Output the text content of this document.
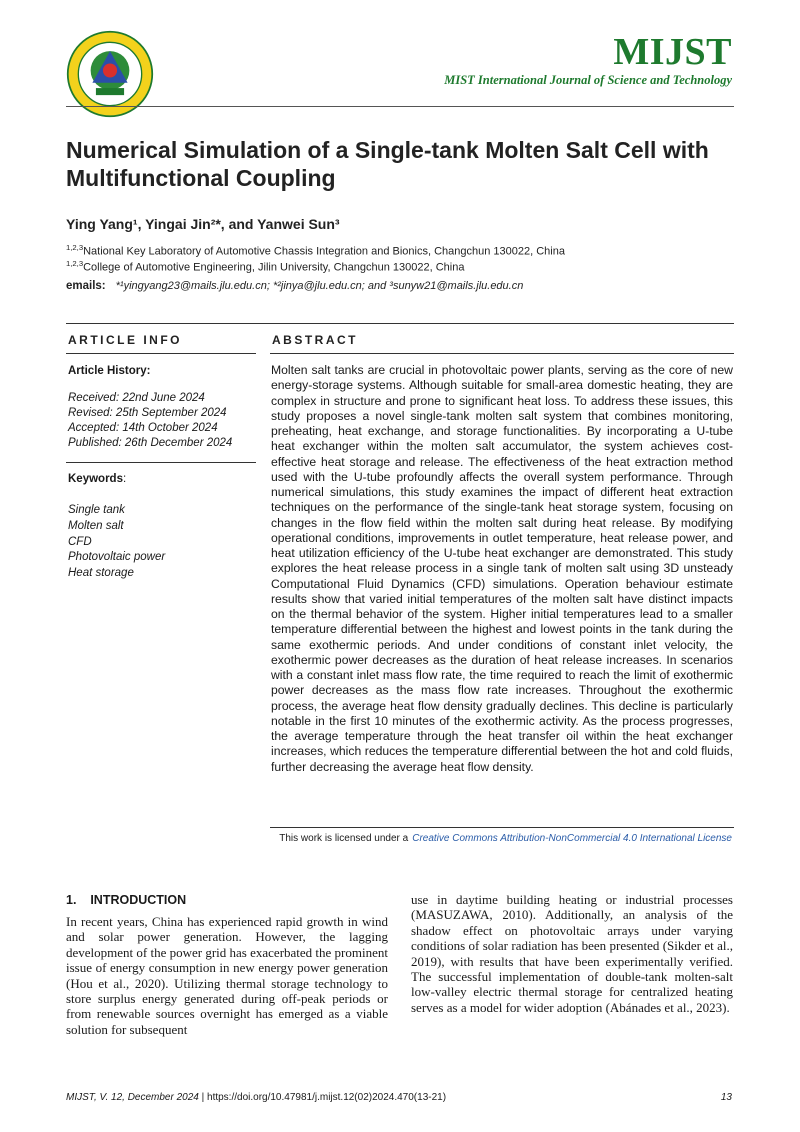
MIJST
MIST International Journal of Science and Technology
Numerical Simulation of a Single-tank Molten Salt Cell with Multifunctional Coupling
Ying Yang¹, Yingai Jin²*, and Yanwei Sun³
$^{1,2,3}$National Key Laboratory of Automotive Chassis Integration and Bionics, Changchun 130022, China
$^{1,2,3}$College of Automotive Engineering, Jilin University, Changchun 130022, China
emails: *¹yingyang23@mails.jlu.edu.cn; *²jinya@jlu.edu.cn; and ³sunyw21@mails.jlu.edu.cn
ARTICLE INFO	ABSTRACT
Article History:
Received: 22nd June 2024
Revised: 25th September 2024
Accepted: 14th October 2024
Published: 26th December 2024
Keywords:
Single tank
Molten salt
CFD
Photovoltaic power
Heat storage

Molten salt tanks are crucial in photovoltaic power plants, serving as the core of new energy-storage systems. Although suitable for small-area domestic heating, they are complex in structure and prone to significant heat loss. To address these issues, this study proposes a novel single-tank molten salt system that combines monitoring, preheating, heat exchange, and storage functionalities. By incorporating a U-tube heat exchanger within the molten salt accumulator, the system achieves cost-effective heat storage and release. The effectiveness of the heat extraction method used with the U-tube profoundly affects the overall system performance. Through numerical simulations, this study examines the impact of different heat extraction techniques on the performance of the single-tank heat storage system, focusing on changes in the flow field within the molten salt during heat release. By modifying operational conditions, improvements in outlet temperature, heat release power, and heat utilization efficiency of the U-tube heat exchanger are demonstrated. This study explores the heat release process in a single tank of molten salt using 3D unsteady Computational Fluid Dynamics (CFD) simulations. Operation behaviour estimate results show that varied initial temperatures of the molten salt have distinct impacts on the thermal behavior of the system. Higher initial temperatures lead to a smaller temperature differential between the highest and lowest points in the tank during the same exothermic periods. And under conditions of constant inlet velocity, the exothermic power decreases as the duration of heat release increases. In scenarios with a constant inlet mass flow rate, the time required to reach the limit of exothermic power decreases as the mass flow rate increases. Throughout the exothermic process, the average heat flow density gradually declines. This decline is particularly notable in the first 10 minutes of the exothermic activity. As the process progresses, the average temperature through the heat transfer oil within the heat exchanger increases, which reduces the temperature differential between the hot and cold fluids, further decreasing the average heat flow density.

This work is licensed under a Creative Commons Attribution-NonCommercial 4.0 International License
1.    INTRODUCTION

In recent years, China has experienced rapid growth in wind and solar power generation. However, the lagging development of the power grid has exacerbated the prominent issue of energy consumption in new energy power generation (Hou et al., 2020). Utilizing thermal storage technology to store surplus energy generated during off-peak periods or from renewable sources overnight has emerged as a viable solution for subsequent

use in daytime building heating or industrial processes (MASUZAWA, 2010). Additionally, an analysis of the shadow effect on photovoltaic arrays under varying conditions of solar radiation has been presented (Sikder et al., 2019), with results that have been experimentally verified. The successful implementation of double-tank molten-salt low-valley electric thermal storage for centralized heating serves as a model for wider adoption (Abánades et al., 2023).

MIJST, V. 12, December 2024 | https://doi.org/10.47981/j.mijst.12(02)2024.470(13-21)	13
